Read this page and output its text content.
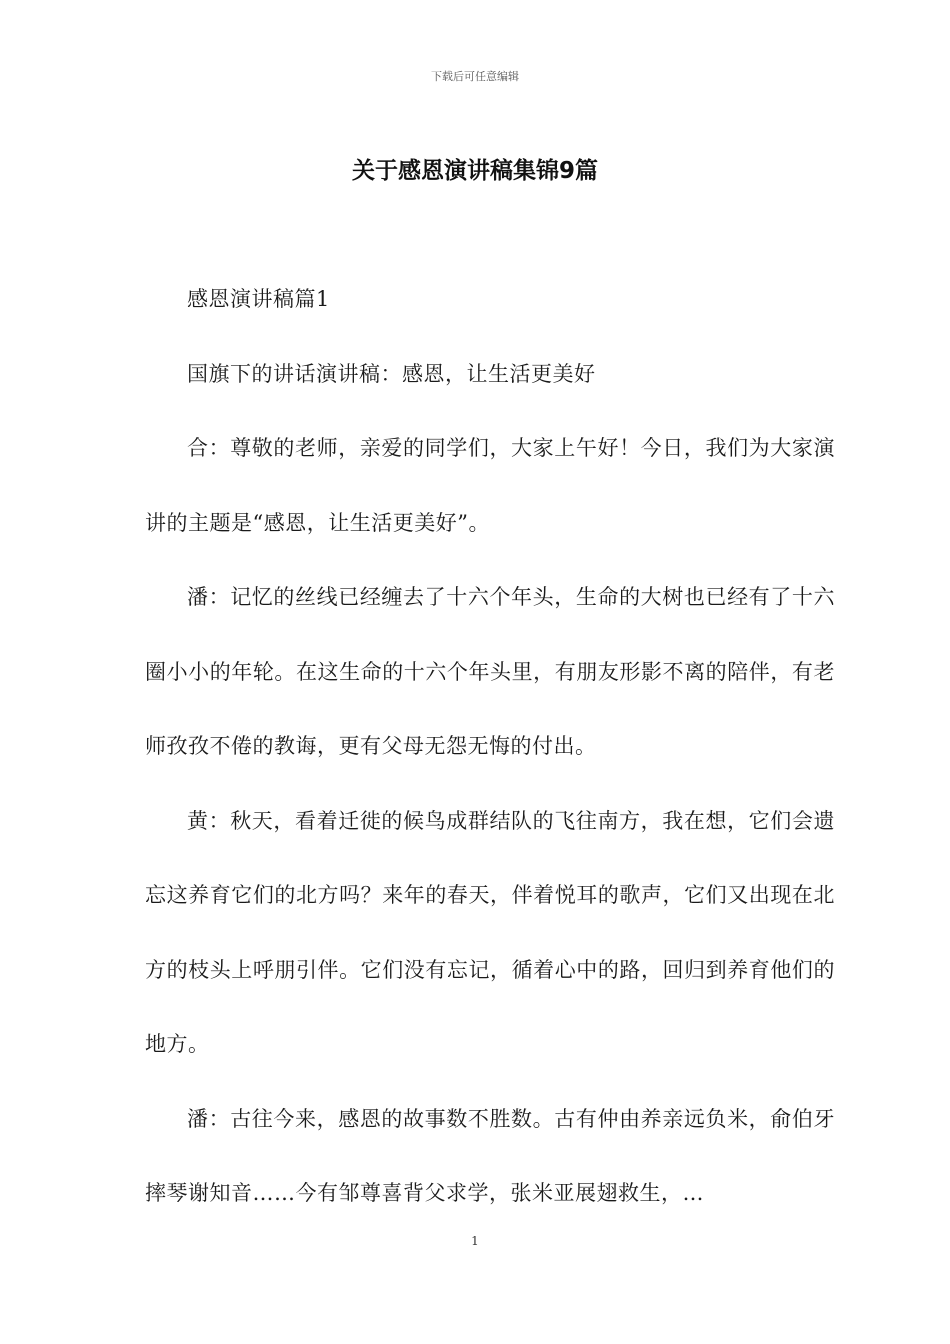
下载后可任意编辑
关于感恩演讲稿集锦9篇

感恩演讲稿篇1

国旗下的讲话演讲稿：感恩，让生活更美好

合：尊敬的老师，亲爱的同学们，大家上午好！今日，我们为大家演讲的主题是“感恩，让生活更美好”。

潘：记忆的丝线已经缠去了十六个年头，生命的大树也已经有了十六圈小小的年轮。在这生命的十六个年头里，有朋友形影不离的陪伴，有老师孜孜不倦的教诲，更有父母无怨无悔的付出。

黄：秋天，看着迁徙的候鸟成群结队的飞往南方，我在想，它们会遗忘这养育它们的北方吗？来年的春天，伴着悦耳的歌声，它们又出现在北方的枝头上呼朋引伴。它们没有忘记，循着心中的路，回归到养育他们的地方。

潘：古往今来，感恩的故事数不胜数。古有仲由养亲远负米，俞伯牙摔琴谢知音……今有邹尊喜背父求学，张米亚展翅救生，…

1
